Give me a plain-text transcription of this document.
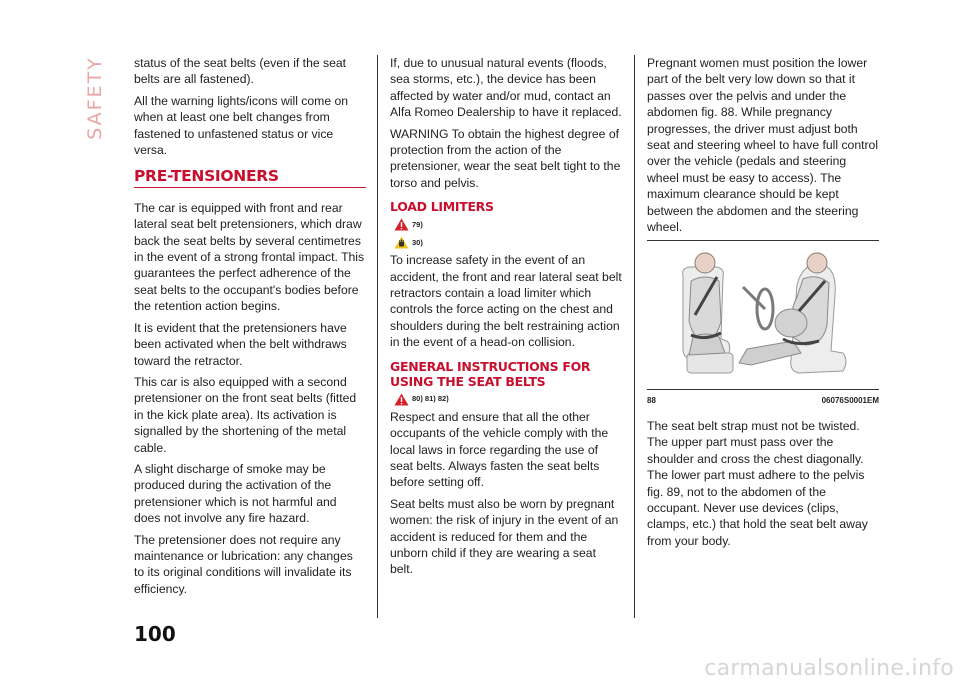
SAFETY status of the seat belts (even if the seat belts are all fastened).

All the warning lights/icons will come on when at least one belt changes from fastened to unfastened status or vice versa.

PRE-TENSIONERS

The car is equipped with front and rear lateral seat belt pretensioners, which draw back the seat belts by several centimetres in the event of a strong frontal impact. This guarantees the perfect adherence of the seat belts to the occupant's bodies before the retention action begins.

It is evident that the pretensioners have been activated when the belt withdraws toward the retractor.

This car is also equipped with a second pretensioner on the front seat belts (fitted in the kick plate area). Its activation is signalled by the shortening of the metal cable.

A slight discharge of smoke may be produced during the activation of the pretensioner which is not harmful and does not involve any fire hazard.

The pretensioner does not require any maintenance or lubrication: any changes to its original conditions will invalidate its efficiency.

If, due to unusual natural events (floods, sea storms, etc.), the device has been affected by water and/or mud, contact an Alfa Romeo Dealership to have it replaced.

WARNING To obtain the highest degree of protection from the action of the pretensioner, wear the seat belt tight to the torso and pelvis.

LOAD LIMITERS
79)
30)

To increase safety in the event of an accident, the front and rear lateral seat belt retractors contain a load limiter which controls the force acting on the chest and shoulders during the belt restraining action in the event of a head-on collision.

GENERAL INSTRUCTIONS FOR USING THE SEAT BELTS
80) 81) 82)

Respect and ensure that all the other occupants of the vehicle comply with the local laws in force regarding the use of seat belts. Always fasten the seat belts before setting off.

Seat belts must also be worn by pregnant women: the risk of injury in the event of an accident is reduced for them and the unborn child if they are wearing a seat belt.

Pregnant women must position the lower part of the belt very low down so that it passes over the pelvis and under the abdomen fig. 88. While pregnancy progresses, the driver must adjust both seat and steering wheel to have full control over the vehicle (pedals and steering wheel must be easy to access). The maximum clearance should be kept between the abdomen and the steering wheel.

88	06076S0001EM

The seat belt strap must not be twisted. The upper part must pass over the shoulder and cross the chest diagonally. The lower part must adhere to the pelvis fig. 89, not to the abdomen of the occupant. Never use devices (clips, clamps, etc.) that hold the seat belt away from your body.

100
carmanualsonline.info
